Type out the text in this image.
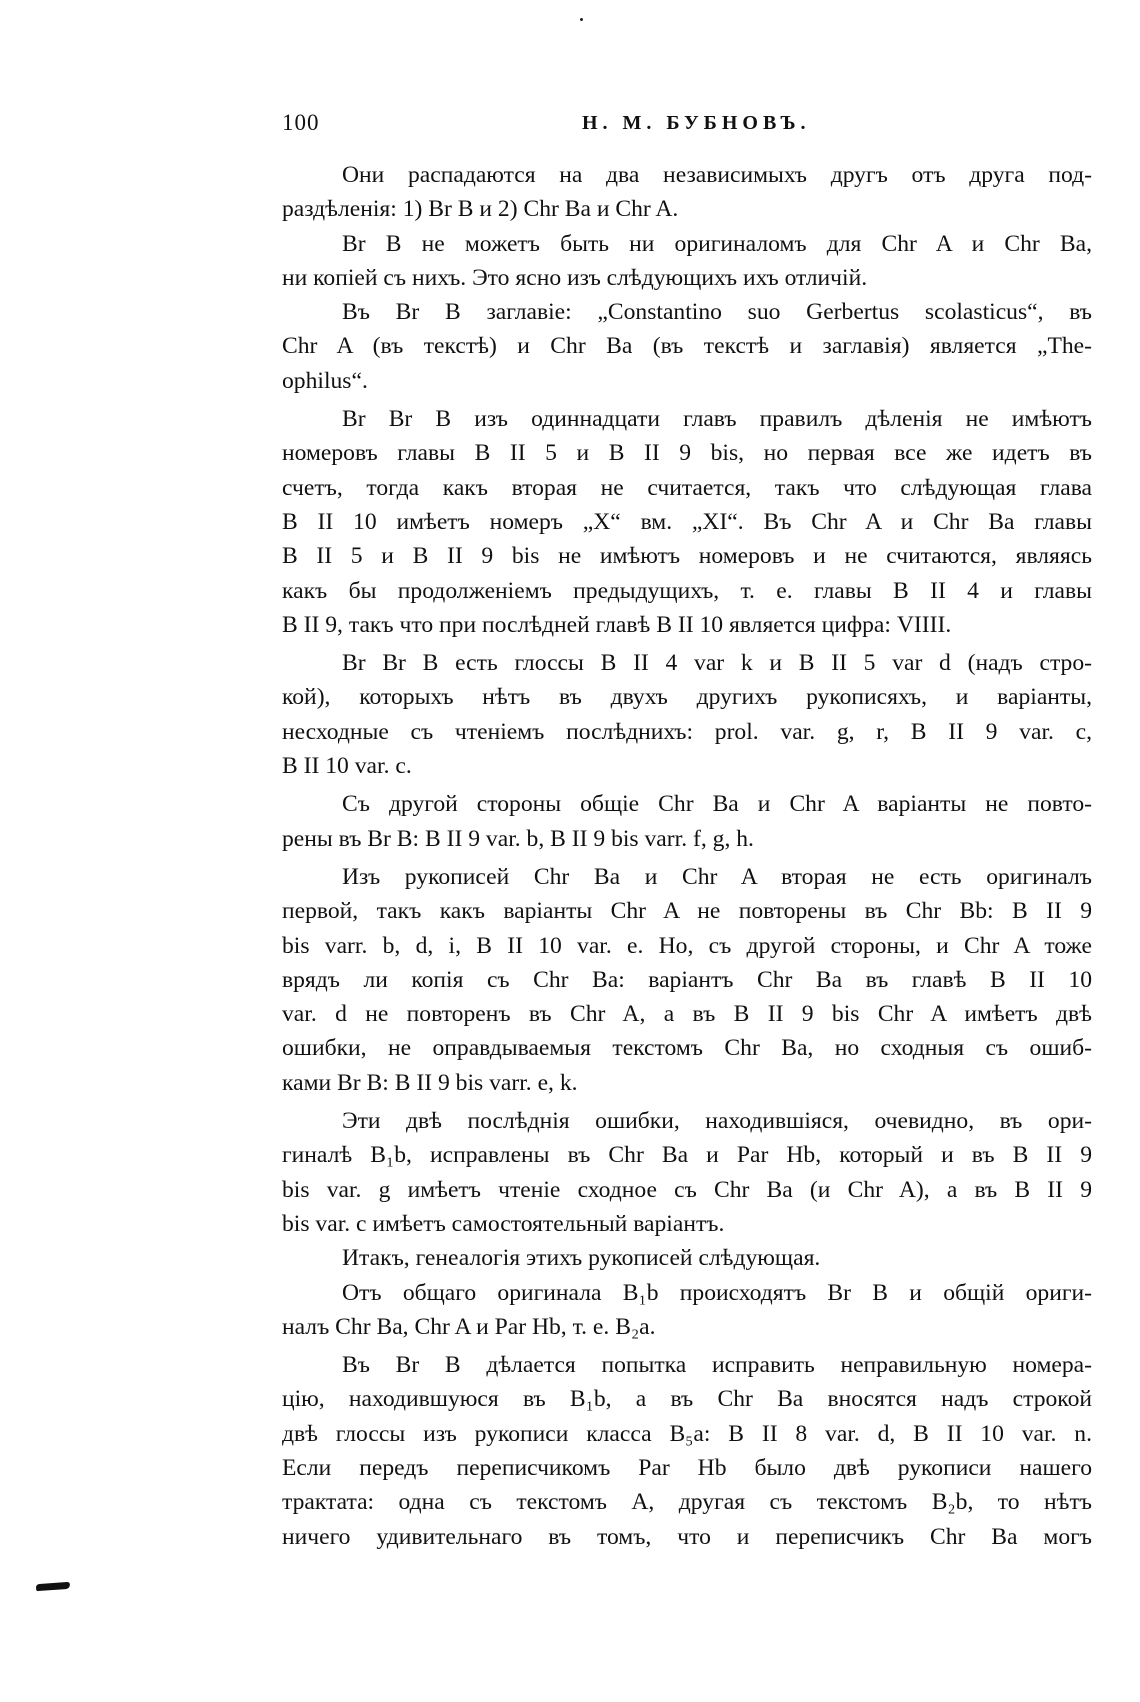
100	Н. М. БУБНОВЪ.
Они распадаются на два независимыхъ другъ отъ друга под-
раздѣленія: 1) Br B и 2) Chr Ba и Chr A.
Br B не можетъ быть ни оригиналомъ для Chr A и Chr Ba,
ни копіей съ нихъ. Это ясно изъ слѣдующихъ ихъ отличій.
Въ Br B заглавіе: „Constantino suo Gerbertus scolasticus“, въ
Chr A (въ текстѣ) и Chr Ba (въ текстѣ и заглавія) является „The-
ophilus“.
Br Br B изъ одиннадцати главъ правилъ дѣленія не имѣютъ
номеровъ главы B II 5 и B II 9 bis, но первая все же идетъ въ
счетъ, тогда какъ вторая не считается, такъ что слѣдующая глава
B II 10 имѣетъ номеръ „X“ вм. „XI“. Въ Chr A и Chr Ba главы
B II 5 и B II 9 bis не имѣютъ номеровъ и не считаются, являясь
какъ бы продолженіемъ предыдущихъ, т. е. главы B II 4 и главы
B II 9, такъ что при послѣдней главѣ B II 10 является цифра: VIIII.
Br Br B есть глоссы B II 4 var k и B II 5 var d (надъ стро-
кой), которыхъ нѣтъ въ двухъ другихъ рукописяхъ, и варіанты,
несходные съ чтеніемъ послѣднихъ: prol. var. g, r, B II 9 var. c,
B II 10 var. c.
Съ другой стороны общіе Chr Ba и Chr A варіанты не повто-
рены въ Br B: B II 9 var. b, B II 9 bis varr. f, g, h.
Изъ рукописей Chr Ba и Chr A вторая не есть оригиналъ
первой, такъ какъ варіанты Chr A не повторены въ Chr Bb: B II 9
bis varr. b, d, i, B II 10 var. e. Но, съ другой стороны, и Chr A тоже
врядъ ли копія съ Chr Ba: варіантъ Chr Ba въ главѣ B II 10
var. d не повторенъ въ Chr A, а въ B II 9 bis Chr A имѣетъ двѣ
ошибки, не оправдываемыя текстомъ Chr Ba, но сходныя съ ошиб-
ками Br B: B II 9 bis varr. e, k.
Эти двѣ послѣднія ошибки, находившіяся, очевидно, въ ори-
гиналѣ B₁b, исправлены въ Chr Ba и Par Hb, который и въ B II 9
bis var. g имѣетъ чтеніе сходное съ Chr Ba (и Chr A), а въ B II 9
bis var. c имѣетъ самостоятельный варіантъ.
Итакъ, генеалогія этихъ рукописей слѣдующая.
Отъ общаго оригинала B₁b происходятъ Br B и общій ориги-
налъ Chr Ba, Chr A и Par Hb, т. е. B₂a.
Въ Br B дѣлается попытка исправить неправильную номера-
цію, находившуюся въ B₁b, а въ Chr Ba вносятся надъ строкой
двѣ глоссы изъ рукописи класса B₅a: B II 8 var. d, B II 10 var. n.
Если передъ переписчикомъ Par Hb было двѣ рукописи нашего
трактата: одна съ текстомъ A, другая съ текстомъ B₂b, то нѣтъ
ничего удивительнаго въ томъ, что и переписчикъ Chr Ba могъ
